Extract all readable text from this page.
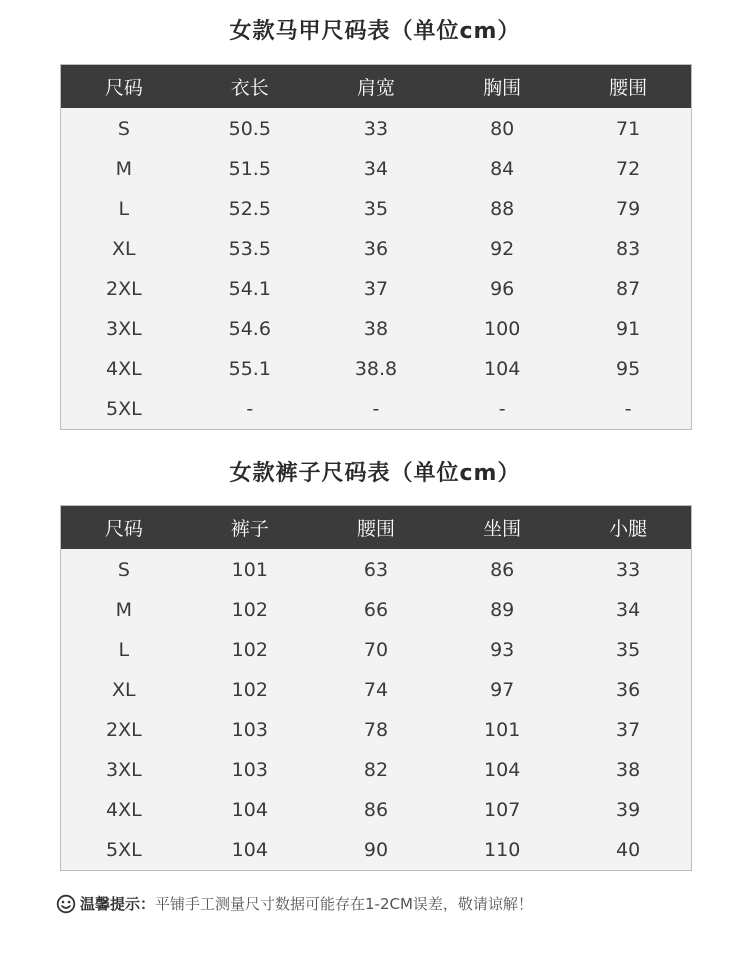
女款马甲尺码表（单位cm）
尺码	衣长	肩宽	胸围	腰围
S	50.5	33	80	71
M	51.5	34	84	72
L	52.5	35	88	79
XL	53.5	36	92	83
2XL	54.1	37	96	87
3XL	54.6	38	100	91
4XL	55.1	38.8	104	95
5XL	-	-	-	-
女款裤子尺码表（单位cm）
尺码	裤子	腰围	坐围	小腿
S	101	63	86	33
M	102	66	89	34
L	102	70	93	35
XL	102	74	97	36
2XL	103	78	101	37
3XL	103	82	104	38
4XL	104	86	107	39
5XL	104	90	110	40
温馨提示： 平铺手工测量尺寸数据可能存在1-2CM误差，敬请谅解！
